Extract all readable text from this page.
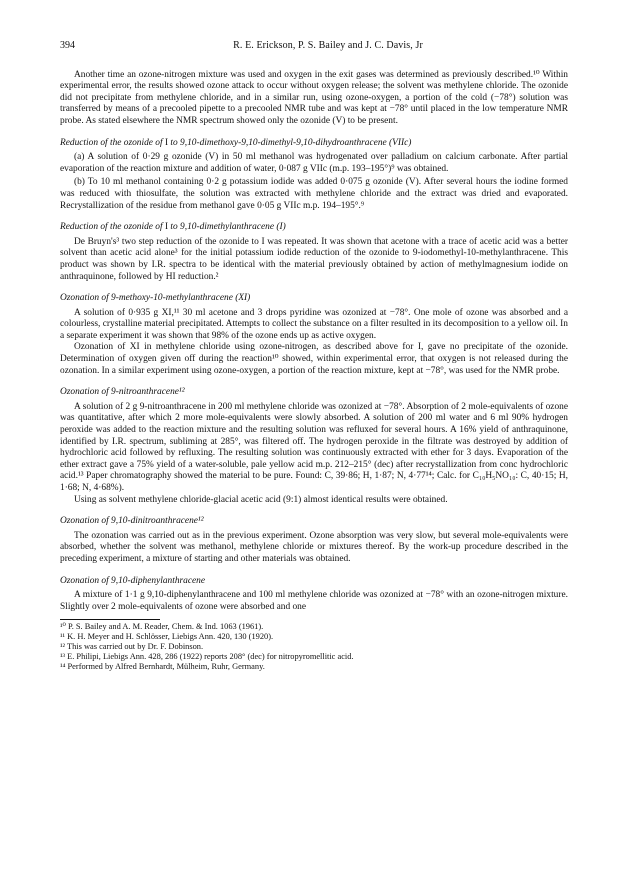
394	R. E. Erickson, P. S. Bailey and J. C. Davis, Jr

Another time an ozone-nitrogen mixture was used and oxygen in the exit gases was determined as previously described.¹⁰ Within experimental error, the results showed ozone attack to occur without oxygen release; the solvent was methylene chloride. The ozonide did not precipitate from methylene chloride, and in a similar run, using ozone-oxygen, a portion of the cold (−78°) solution was transferred by means of a precooled pipette to a precooled NMR tube and was kept at −78° until placed in the low temperature NMR probe. As stated elsewhere the NMR spectrum showed only the ozonide (V) to be present.

Reduction of the ozonide of I to 9,10-dimethoxy-9,10-dimethyl-9,10-dihydroanthracene (VIIc)

(a) A solution of 0·29 g ozonide (V) in 50 ml methanol was hydrogenated over palladium on calcium carbonate. After partial evaporation of the reaction mixture and addition of water, 0·087 g VIIc (m.p. 193–195°)⁹ was obtained.

(b) To 10 ml methanol containing 0·2 g potassium iodide was added 0·075 g ozonide (V). After several hours the iodine formed was reduced with thiosulfate, the solution was extracted with methylene chloride and the extract was dried and evaporated. Recrystallization of the residue from methanol gave 0·05 g VIIc m.p. 194–195°.⁹

Reduction of the ozonide of I to 9,10-dimethylanthracene (I)

De Bruyn's³ two step reduction of the ozonide to I was repeated. It was shown that acetone with a trace of acetic acid was a better solvent than acetic acid alone³ for the initial potassium iodide reduction of the ozonide to 9-iodomethyl-10-methylanthracene. This product was shown by I.R. spectra to be identical with the material previously obtained by action of methylmagnesium iodide on anthraquinone, followed by HI reduction.²

Ozonation of 9-methoxy-10-methylanthracene (XI)

A solution of 0·935 g XI,¹¹ 30 ml acetone and 3 drops pyridine was ozonized at −78°. One mole of ozone was absorbed and a colourless, crystalline material precipitated. Attempts to collect the substance on a filter resulted in its decomposition to a yellow oil. In a separate experiment it was shown that 98% of the ozone ends up as active oxygen.

Ozonation of XI in methylene chloride using ozone-nitrogen, as described above for I, gave no precipitate of the ozonide. Determination of oxygen given off during the reaction¹⁰ showed, within experimental error, that oxygen is not released during the ozonation. In a similar experiment using ozone-oxygen, a portion of the reaction mixture, kept at −78°, was used for the NMR probe.

Ozonation of 9-nitroanthracene¹²

A solution of 2 g 9-nitroanthracene in 200 ml methylene chloride was ozonized at −78°. Absorption of 2 mole-equivalents of ozone was quantitative, after which 2 more mole-equivalents were slowly absorbed. A solution of 200 ml water and 6 ml 90% hydrogen peroxide was added to the reaction mixture and the resulting solution was refluxed for several hours. A 16% yield of anthraquinone, identified by I.R. spectrum, subliming at 285°, was filtered off. The hydrogen peroxide in the filtrate was destroyed by addition of hydrochloric acid followed by refluxing. The resulting solution was continuously extracted with ether for 3 days. Evaporation of the ether extract gave a 75% yield of a water-soluble, pale yellow acid m.p. 212–215° (dec) after recrystallization from conc hydrochloric acid.¹³ Paper chromatography showed the material to be pure. Found: C, 39·86; H, 1·87; N, 4·77¹⁴; Calc. for C₁₀H₅NO₁₀: C, 40·15; H, 1·68; N, 4·68%).

Using as solvent methylene chloride-glacial acetic acid (9:1) almost identical results were obtained.

Ozonation of 9,10-dinitroanthracene¹²

The ozonation was carried out as in the previous experiment. Ozone absorption was very slow, but several mole-equivalents were absorbed, whether the solvent was methanol, methylene chloride or mixtures thereof. By the work-up procedure described in the preceding experiment, a mixture of starting and other materials was obtained.

Ozonation of 9,10-diphenylanthracene

A mixture of 1·1 g 9,10-diphenylanthracene and 100 ml methylene chloride was ozonized at −78° with an ozone-nitrogen mixture. Slightly over 2 mole-equivalents of ozone were absorbed and one

¹⁰ P. S. Bailey and A. M. Reader, Chem. & Ind. 1063 (1961).

¹¹ K. H. Meyer and H. Schlösser, Liebigs Ann. 420, 130 (1920).

¹² This was carried out by Dr. F. Dobinson.

¹³ E. Philipi, Liebigs Ann. 428, 286 (1922) reports 208° (dec) for nitropyromellitic acid.

¹⁴ Performed by Alfred Bernhardt, Mülheim, Ruhr, Germany.
